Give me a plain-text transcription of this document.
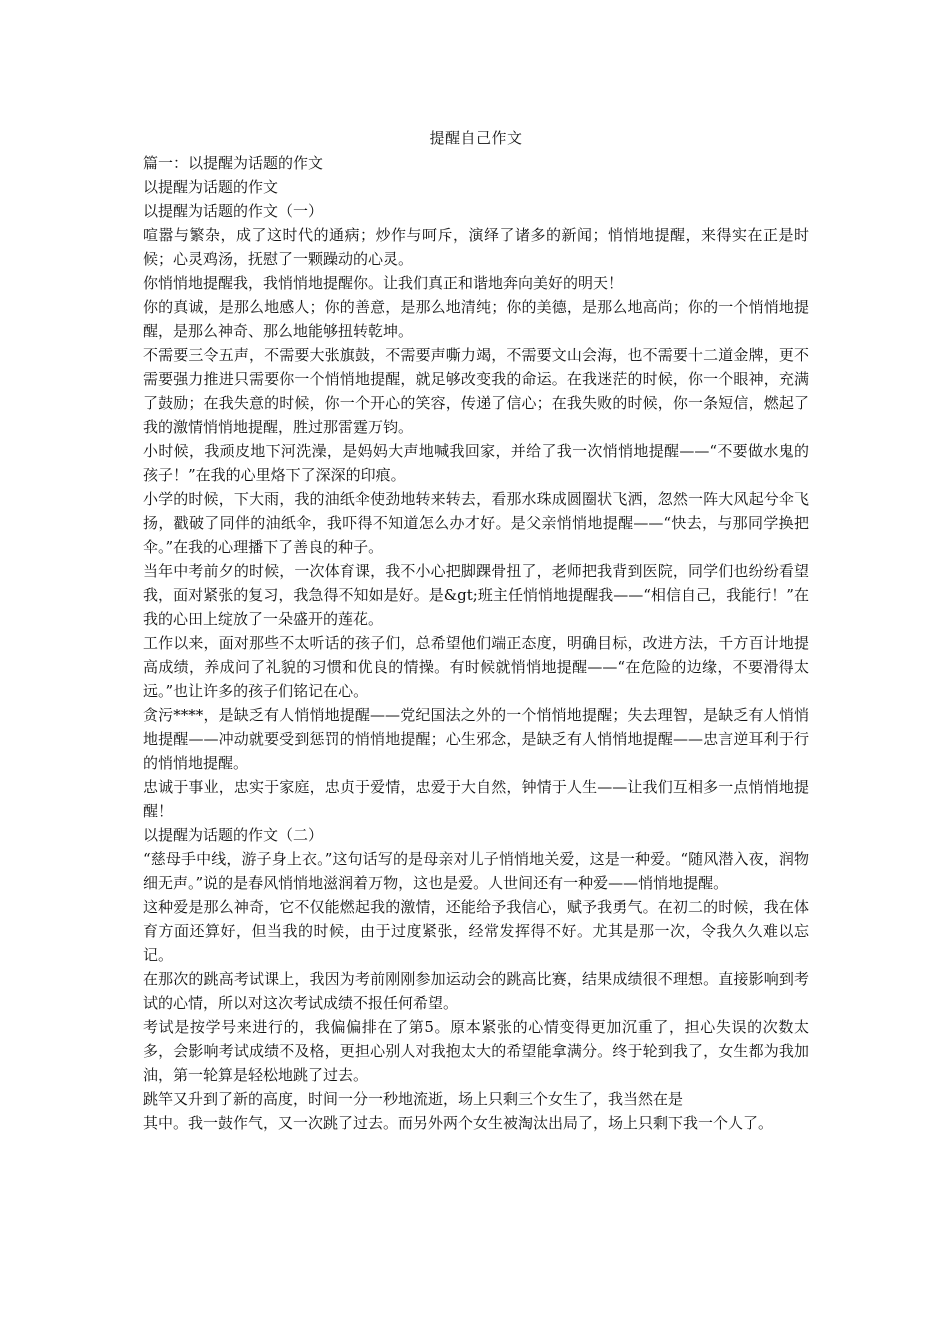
提醒自己作文

篇一：以提醒为话题的作文

以提醒为话题的作文

以提醒为话题的作文（一）

喧嚣与繁杂，成了这时代的通病；炒作与呵斥，演绎了诸多的新闻；悄悄地提醒，来得实在正是时候；心灵鸡汤，抚慰了一颗躁动的心灵。

你悄悄地提醒我，我悄悄地提醒你。让我们真正和谐地奔向美好的明天！

你的真诚，是那么地感人；你的善意，是那么地清纯；你的美德，是那么地高尚；你的一个悄悄地提醒，是那么神奇、那么地能够扭转乾坤。

不需要三令五声，不需要大张旗鼓，不需要声嘶力竭，不需要文山会海，也不需要十二道金牌，更不需要强力推进只需要你一个悄悄地提醒，就足够改变我的命运。在我迷茫的时候，你一个眼神，充满了鼓励；在我失意的时候，你一个开心的笑容，传递了信心；在我失败的时候，你一条短信，燃起了我的激情悄悄地提醒，胜过那雷霆万钧。

小时候，我顽皮地下河洗澡，是妈妈大声地喊我回家，并给了我一次悄悄地提醒——“不要做水鬼的孩子！”在我的心里烙下了深深的印痕。

小学的时候，下大雨，我的油纸伞使劲地转来转去，看那水珠成圆圈状飞洒，忽然一阵大风起兮伞飞扬，戳破了同伴的油纸伞，我吓得不知道怎么办才好。是父亲悄悄地提醒——“快去，与那同学换把伞。”在我的心理播下了善良的种子。

当年中考前夕的时候，一次体育课，我不小心把脚踝骨扭了，老师把我背到医院，同学们也纷纷看望我，面对紧张的复习，我急得不知如是好。是&gt;班主任悄悄地提醒我——“相信自己，我能行！”在我的心田上绽放了一朵盛开的莲花。

工作以来，面对那些不太听话的孩子们，总希望他们端正态度，明确目标，改进方法，千方百计地提高成绩，养成问了礼貌的习惯和优良的情操。有时候就悄悄地提醒——“在危险的边缘，不要滑得太远。”也让许多的孩子们铭记在心。

贪污****，是缺乏有人悄悄地提醒——党纪国法之外的一个悄悄地提醒；失去理智，是缺乏有人悄悄地提醒——冲动就要受到惩罚的悄悄地提醒；心生邪念，是缺乏有人悄悄地提醒——忠言逆耳利于行的悄悄地提醒。

忠诚于事业，忠实于家庭，忠贞于爱情，忠爱于大自然，钟情于人生——让我们互相多一点悄悄地提醒！

以提醒为话题的作文（二）

“慈母手中线，游子身上衣。”这句话写的是母亲对儿子悄悄地关爱，这是一种爱。“随风潜入夜，润物细无声。”说的是春风悄悄地滋润着万物，这也是爱。人世间还有一种爱——悄悄地提醒。

这种爱是那么神奇，它不仅能燃起我的激情，还能给予我信心，赋予我勇气。在初二的时候，我在体育方面还算好，但当我的时候，由于过度紧张，经常发挥得不好。尤其是那一次，令我久久难以忘记。

在那次的跳高考试课上，我因为考前刚刚参加运动会的跳高比赛，结果成绩很不理想。直接影响到考试的心情，所以对这次考试成绩不报任何希望。

考试是按学号来进行的，我偏偏排在了第5。原本紧张的心情变得更加沉重了，担心失误的次数太多，会影响考试成绩不及格，更担心别人对我抱太大的希望能拿满分。终于轮到我了，女生都为我加油，第一轮算是轻松地跳了过去。

跳竿又升到了新的高度，时间一分一秒地流逝，场上只剩三个女生了，我当然在是

其中。我一鼓作气，又一次跳了过去。而另外两个女生被淘汰出局了，场上只剩下我一个人了。
